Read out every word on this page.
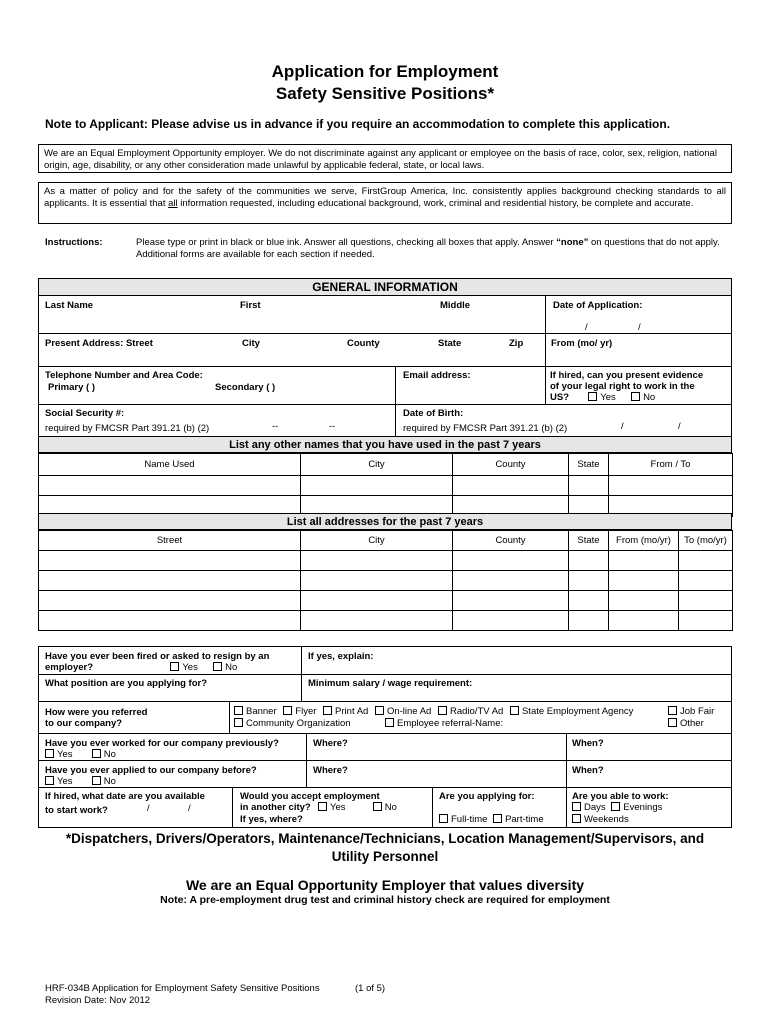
Application for Employment
Safety Sensitive Positions*
Note to Applicant: Please advise us in advance if you require an accommodation to complete this application.
We are an Equal Employment Opportunity employer. We do not discriminate against any applicant or employee on the basis of race, color, sex, religion, national origin, age, disability, or any other consideration made unlawful by applicable federal, state, or local laws.
As a matter of policy and for the safety of the communities we serve, FirstGroup America, Inc. consistently applies background checking standards to all applicants. It is essential that all information requested, including educational background, work, criminal and residential history, be complete and accurate.
Instructions:	Please type or print in black or blue ink. Answer all questions, checking all boxes that apply. Answer “none” on questions that do not apply. Additional forms are available for each section if needed.
GENERAL INFORMATION
Last Name	First	Middle	Date of Application:
/	/
Present Address: Street	City	County	State	Zip	From (mo/ yr)
Telephone Number and Area Code:
Primary ( )	Secondary ( )
Email address:	If hired, can you present evidence
of your legal right to work in the
US?	Yes	No
Social Security #:
required by FMCSR Part 391.21 (b) (2)	--	--
Date of Birth:
required by FMCSR Part 391.21 (b) (2)	/	/
List any other names that you have used in the past 7 years
Name Used	City	County	State	From / To

List all addresses for the past 7 years
Street	City	County	State	From (mo/yr)	To (mo/yr)

Have you ever been fired or asked to resign by an
employer?	Yes	No
If yes, explain:
What position are you applying for?	Minimum salary / wage requirement:
How were you referred
to our company?
Banner Flyer Print Ad On-line Ad Radio/TV Ad State Employment Agency	Job Fair
Community Organization	Employee referral-Name:	Other
Have you ever worked for our company previously?
Yes	No
Where?	When?
Have you ever applied to our company before?
Yes	No
Where?	When?
If hired, what date are you available
to start work?	/	/
Would you accept employment
in another city? Yes	No
If yes, where?
Are you applying for:
Full-time Part-time
Are you able to work:
Days Evenings
Weekends
*Dispatchers, Drivers/Operators, Maintenance/Technicians, Location Management/Supervisors, and
Utility Personnel
We are an Equal Opportunity Employer that values diversity
Note: A pre-employment drug test and criminal history check are required for employment
HRF-034B Application for Employment Safety Sensitive Positions	(1 of 5)
Revision Date: Nov 2012
